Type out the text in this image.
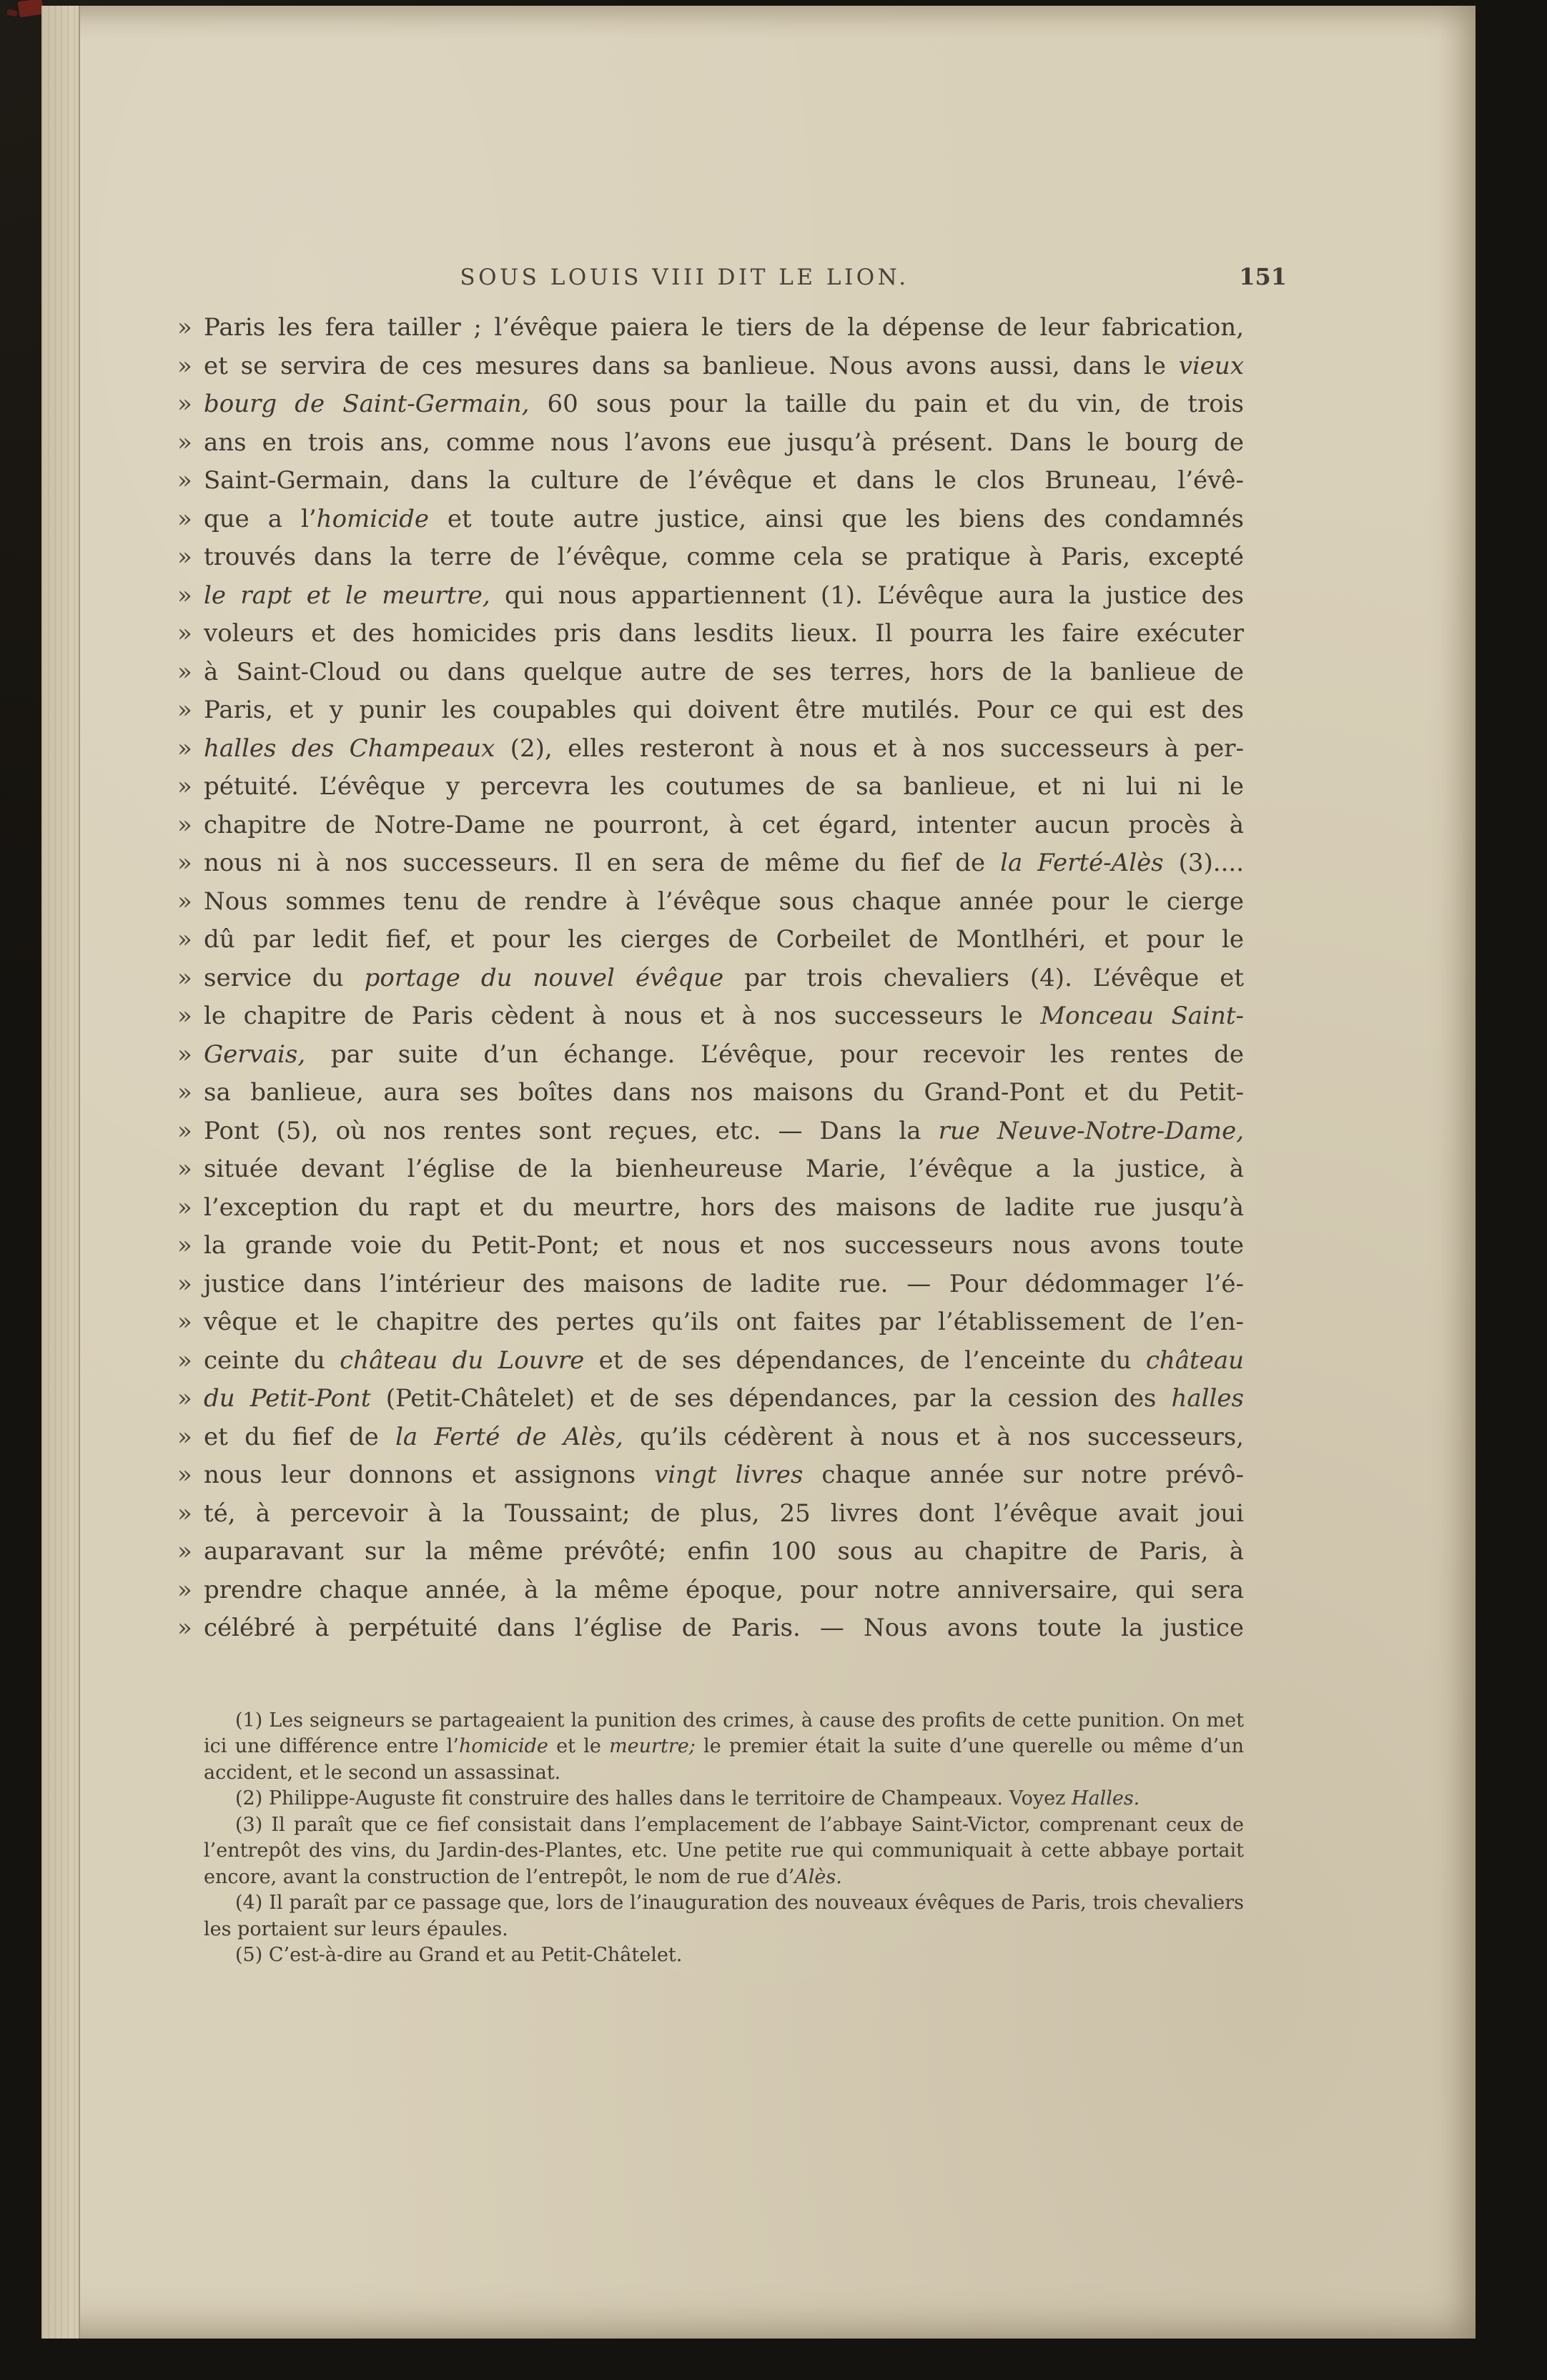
SOUS LOUIS VIII DIT LE LION.	151
» Paris les fera tailler ; l’évêque paiera le tiers de la dépense de leur fabrication,
» et se servira de ces mesures dans sa banlieue. Nous avons aussi, dans le vieux
» bourg de Saint-Germain, 60 sous pour la taille du pain et du vin, de trois
» ans en trois ans, comme nous l’avons eue jusqu’à présent. Dans le bourg de
» Saint-Germain, dans la culture de l’évêque et dans le clos Bruneau, l’évê-
» que a l’homicide et toute autre justice, ainsi que les biens des condamnés
» trouvés dans la terre de l’évêque, comme cela se pratique à Paris, excepté
» le rapt et le meurtre, qui nous appartiennent (1). L’évêque aura la justice des
» voleurs et des homicides pris dans lesdits lieux. Il pourra les faire exécuter
» à Saint-Cloud ou dans quelque autre de ses terres, hors de la banlieue de
» Paris, et y punir les coupables qui doivent être mutilés. Pour ce qui est des
» halles des Champeaux (2), elles resteront à nous et à nos successeurs à per-
» pétuité. L’évêque y percevra les coutumes de sa banlieue, et ni lui ni le
» chapitre de Notre-Dame ne pourront, à cet égard, intenter aucun procès à
» nous ni à nos successeurs. Il en sera de même du fief de la Ferté-Alès (3)....
» Nous sommes tenu de rendre à l’évêque sous chaque année pour le cierge
» dû par ledit fief, et pour les cierges de Corbeilet de Montlhéri, et pour le
» service du portage du nouvel évêque par trois chevaliers (4). L’évêque et
» le chapitre de Paris cèdent à nous et à nos successeurs le Monceau Saint-
» Gervais, par suite d’un échange. L’évêque, pour recevoir les rentes de
» sa banlieue, aura ses boîtes dans nos maisons du Grand-Pont et du Petit-
» Pont (5), où nos rentes sont reçues, etc. — Dans la rue Neuve-Notre-Dame,
» située devant l’église de la bienheureuse Marie, l’évêque a la justice, à
» l’exception du rapt et du meurtre, hors des maisons de ladite rue jusqu’à
» la grande voie du Petit-Pont; et nous et nos successeurs nous avons toute
» justice dans l’intérieur des maisons de ladite rue. — Pour dédommager l’é-
» vêque et le chapitre des pertes qu’ils ont faites par l’établissement de l’en-
» ceinte du château du Louvre et de ses dépendances, de l’enceinte du château
» du Petit-Pont (Petit-Châtelet) et de ses dépendances, par la cession des halles
» et du fief de la Ferté de Alès, qu’ils cédèrent à nous et à nos successeurs,
» nous leur donnons et assignons vingt livres chaque année sur notre prévô-
» té, à percevoir à la Toussaint; de plus, 25 livres dont l’évêque avait joui
» auparavant sur la même prévôté; enfin 100 sous au chapitre de Paris, à
» prendre chaque année, à la même époque, pour notre anniversaire, qui sera
» célébré à perpétuité dans l’église de Paris. — Nous avons toute la justice

(1) Les seigneurs se partageaient la punition des crimes, à cause des profits de cette punition. On met ici une différence entre l’homicide et le meurtre; le premier était la suite d’une querelle ou même d’un accident, et le second un assassinat.

(2) Philippe-Auguste fit construire des halles dans le territoire de Champeaux. Voyez Halles.

(3) Il paraît que ce fief consistait dans l’emplacement de l’abbaye Saint-Victor, comprenant ceux de l’entrepôt des vins, du Jardin-des-Plantes, etc. Une petite rue qui communiquait à cette abbaye portait encore, avant la construction de l’entrepôt, le nom de rue d’Alès.

(4) Il paraît par ce passage que, lors de l’inauguration des nouveaux évêques de Paris, trois chevaliers les portaient sur leurs épaules.

(5) C’est-à-dire au Grand et au Petit-Châtelet.
